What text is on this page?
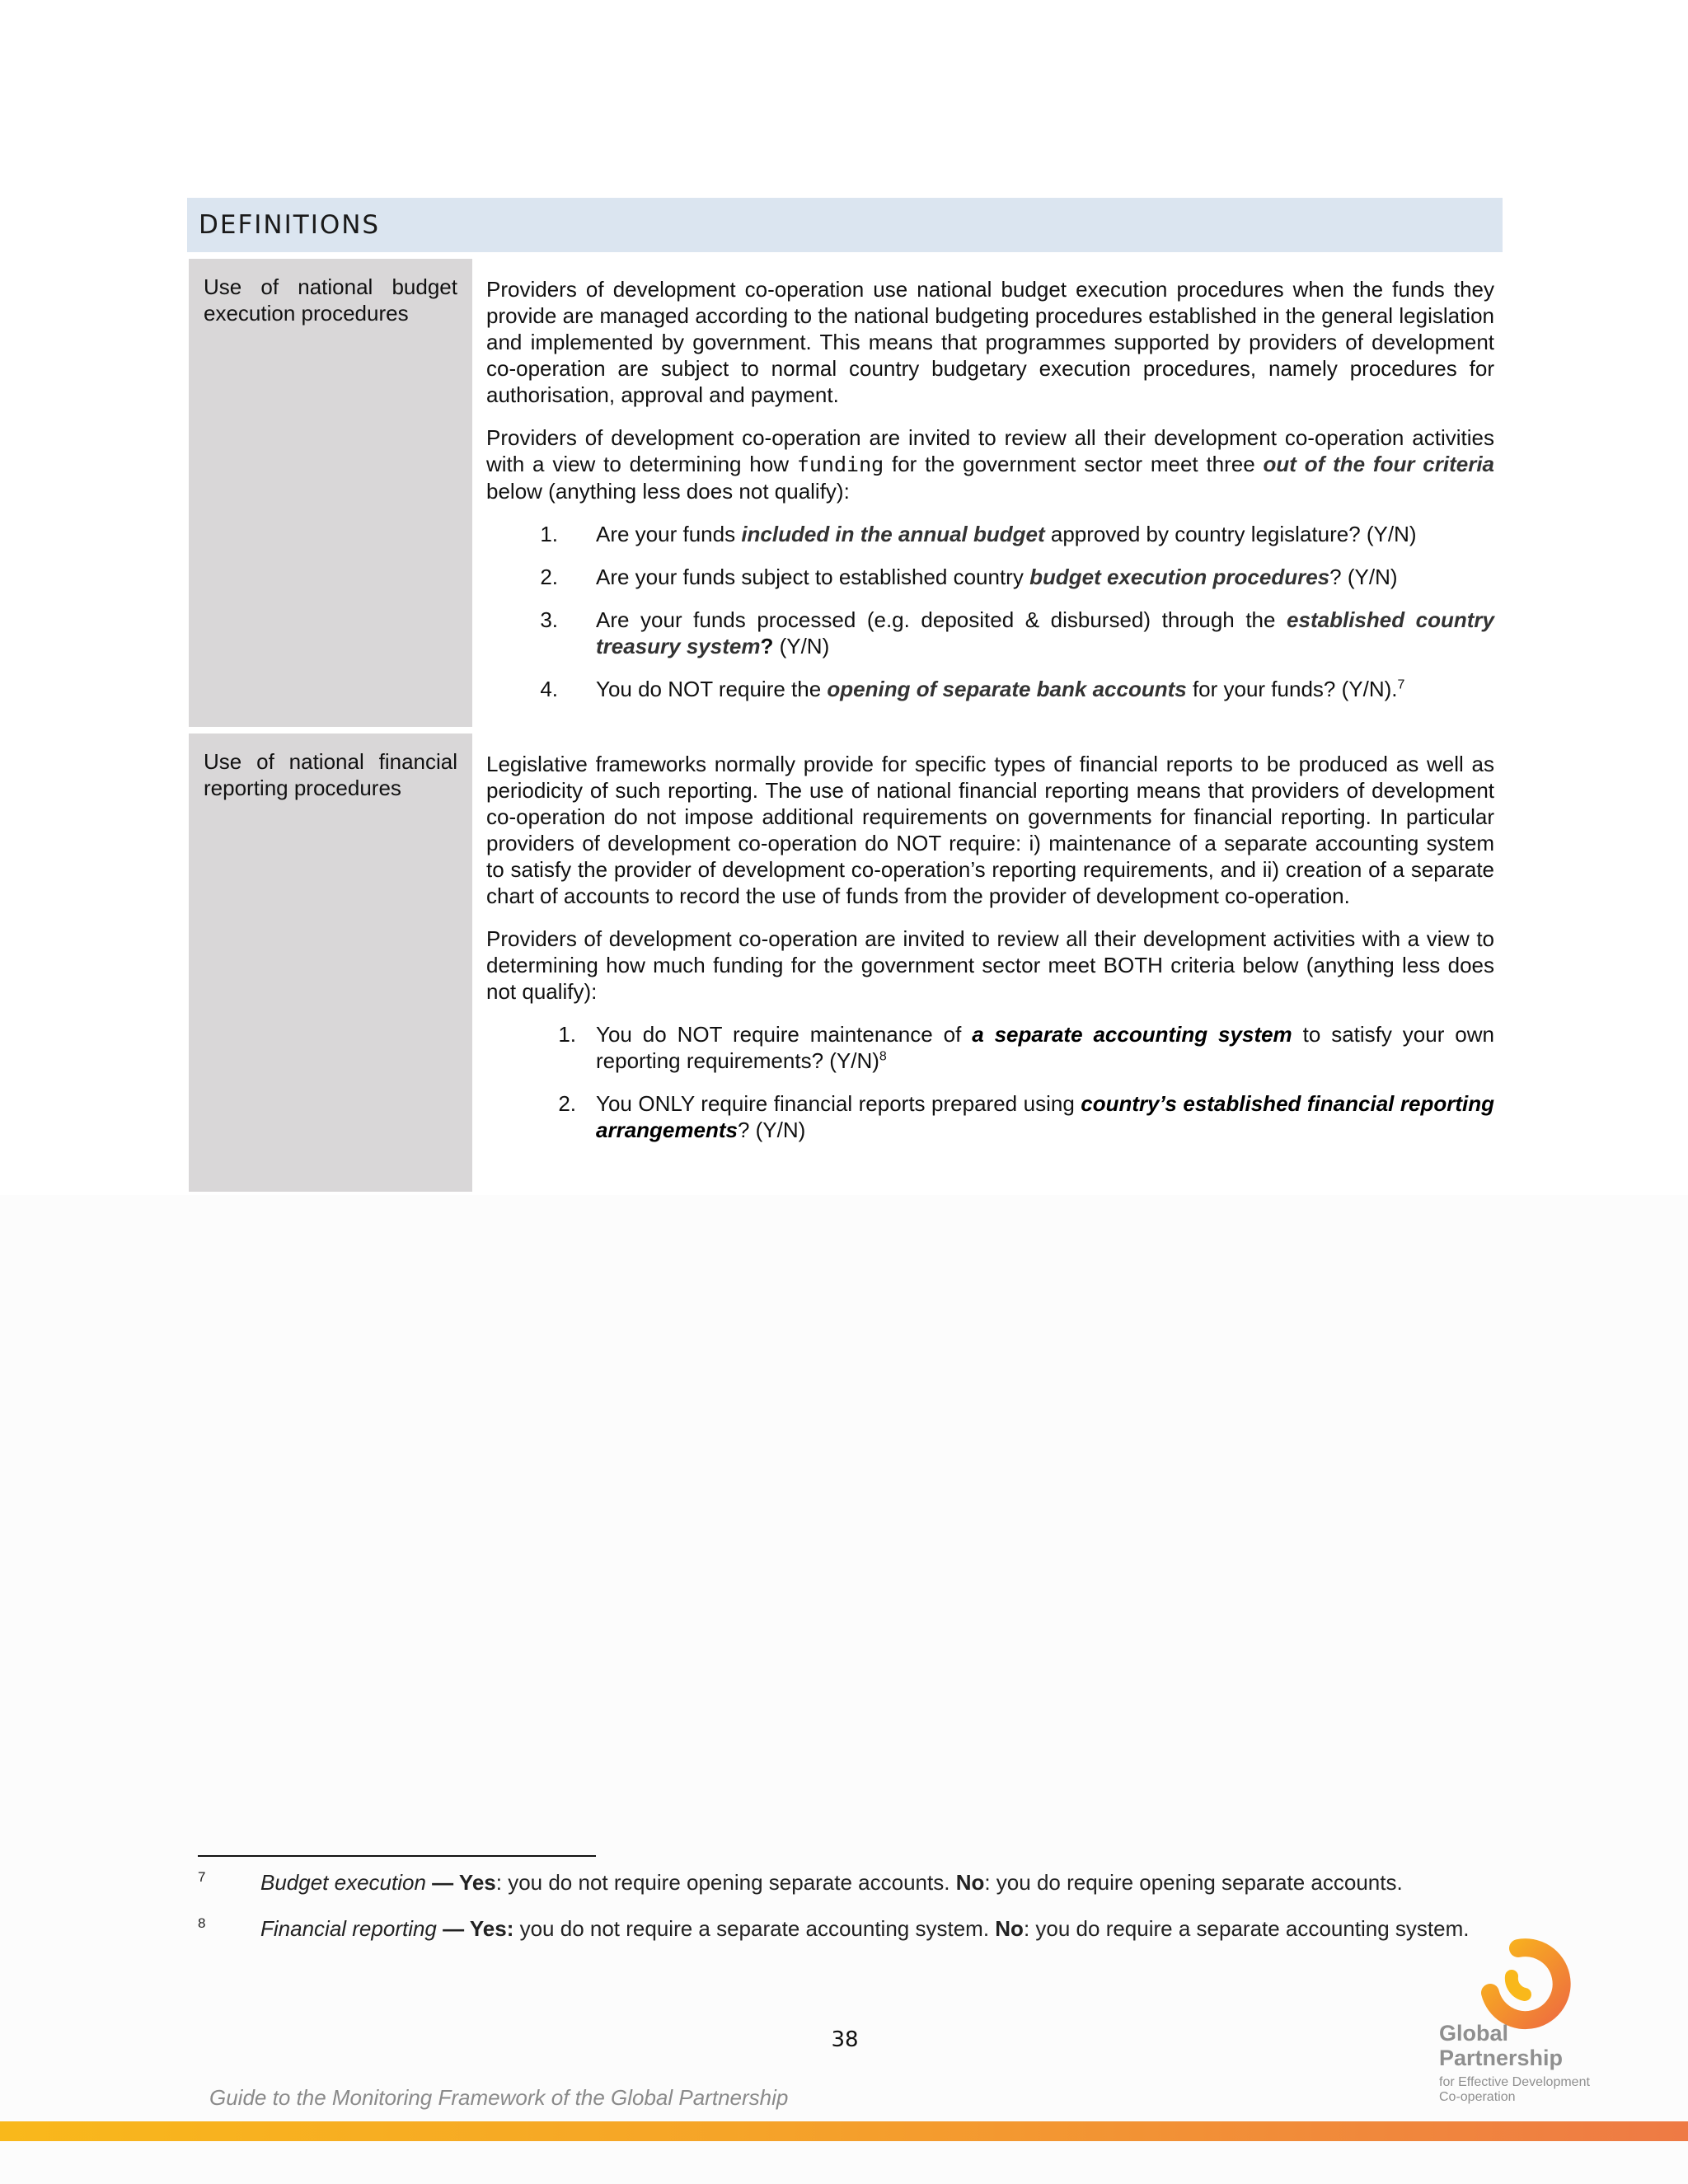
DEFINITIONS
Use of national budget execution procedures

Providers of development co-operation use national budget execution procedures when the funds they provide are managed according to the national budgeting procedures established in the general legislation and implemented by government. This means that programmes supported by providers of development co-operation are subject to normal country budgetary execution procedures, namely procedures for authorisation, approval and payment.

Providers of development co-operation are invited to review all their development co-operation activities with a view to determining how funding for the government sector meet three out of the four criteria below (anything less does not qualify):

1.	Are your funds included in the annual budget approved by country legislature? (Y/N)
2.	Are your funds subject to established country budget execution procedures? (Y/N)
3.	Are your funds processed (e.g. deposited & disbursed) through the established country treasury system? (Y/N)
4.	You do NOT require the opening of separate bank accounts for your funds? (Y/N).$^7$
Use of national financial reporting procedures

Legislative frameworks normally provide for specific types of financial reports to be produced as well as periodicity of such reporting. The use of national financial reporting means that providers of development co-operation do not impose additional requirements on governments for financial reporting. In particular providers of development co-operation do NOT require: i) maintenance of a separate accounting system to satisfy the provider of development co-operation’s reporting requirements, and ii) creation of a separate chart of accounts to record the use of funds from the provider of development co-operation.

Providers of development co-operation are invited to review all their development activities with a view to determining how much funding for the government sector meet BOTH criteria below (anything less does not qualify):

1. You do NOT require maintenance of a separate accounting system to satisfy your own reporting requirements? $(Y/N)^8$
2. You ONLY require financial reports prepared using country’s established financial reporting arrangements? (Y/N)
7	Budget execution — Yes: you do not require opening separate accounts. No: you do require opening separate accounts.
8	Financial reporting — Yes: you do not require a separate accounting system. No: you do require a separate accounting system.
38
Guide to the Monitoring Framework of the Global Partnership
Global
Partnership
for Effective Development
Co-operation
